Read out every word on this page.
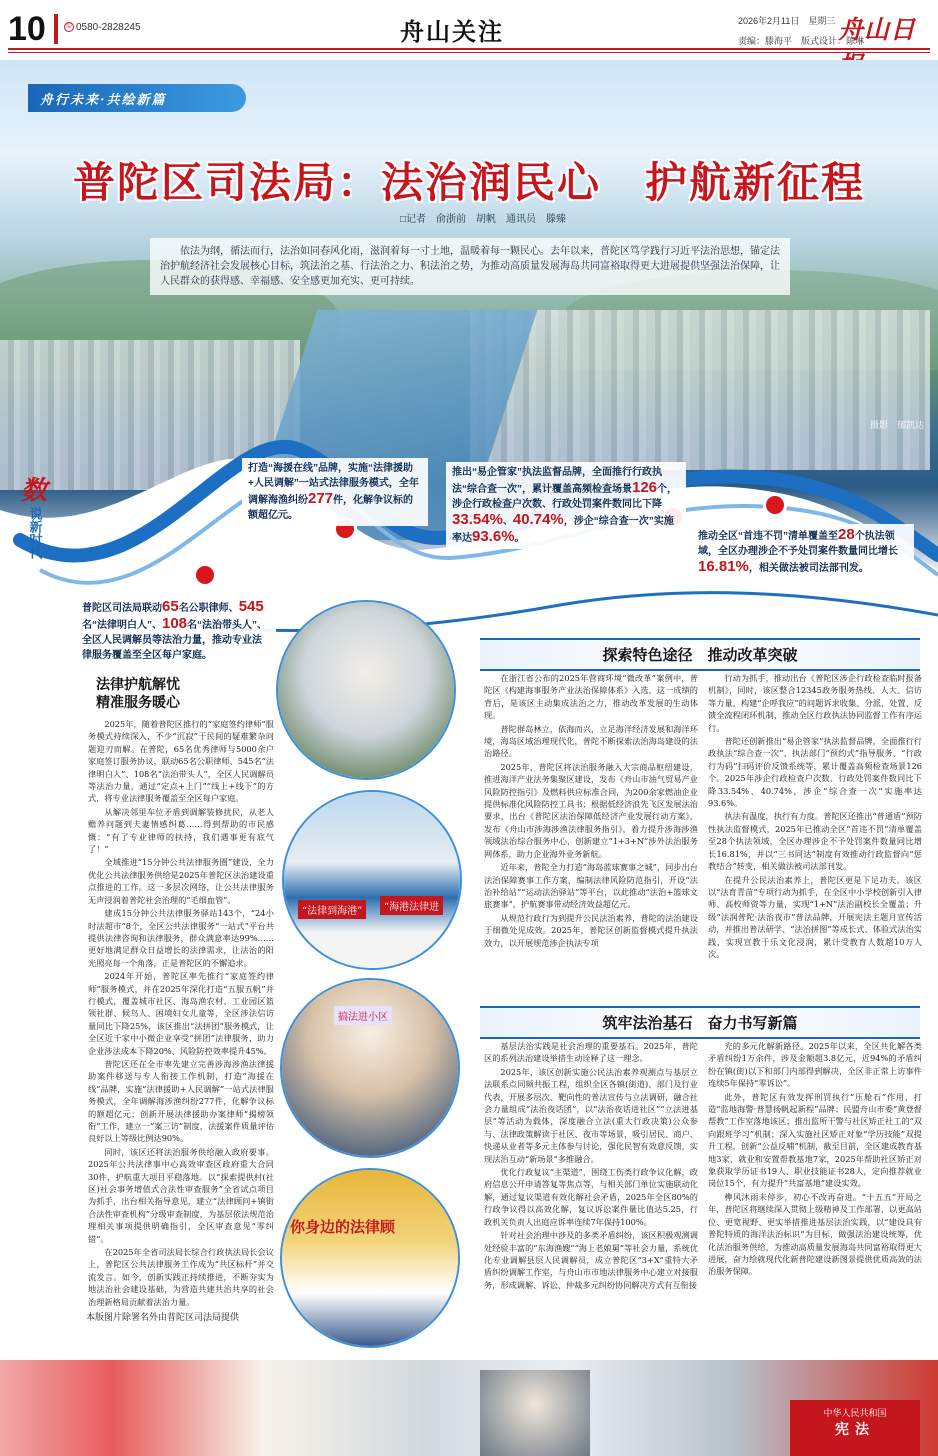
10	© 0580-2828245	舟山关注	2026年2月11日　星期三
责编：滕海平　版式设计：陈琳
舟山日
舟行未来·共绘新篇
普陀区司法局：法治润民心　护航新征程
□记者　俞浙前　胡帆　通讯员　滕臻
依法为纲，循法而行，法治如同春风化雨，滋润着每一寸土地，温暖着每一颗民心。去年以来，普陀区笃学践行习近平法治思想，锚定法治护航经济社会发展核心目标，筑法治之基、行法治之力、积法治之势，为推动高质量发展海岛共同富裕取得更大进展提供坚强法治保障，让人民群众的获得感、幸福感、安全感更加充实、更可持续。
摄影　郁凯达
数
说新时代
普陀区司法局联动65名公职律师、545名“法律明白人”、108名“法治带头人”、全区人民调解员等法治力量，推动专业法律服务覆盖至全区每户家庭。
打造“海援在线”品牌，实施“法律援助+人民调解”一站式法律服务模式，全年调解海渔纠纷277件，化解争议标的额超亿元。
推出“易企管家”执法监督品牌，全面推行行政执法“综合查一次”，累计覆盖高频检查场景126个，涉企行政检查户次数、行政处罚案件数同比下降33.54%、40.74%，涉企“综合查一次”实施率达93.6%。	推动全区“首违不罚”清单覆盖至28个执法领域，全区办理涉企不予处罚案件数量同比增长16.81%，相关做法被司法部刊发。
法律护航解忧
精准服务暖心

2025年，随着普陀区推行的“家庭签约律师”服务模式持续深入，不少“沉寂”于民间的疑难繁杂问题迎刃而解。在普陀，65名优秀律师与5000余户家庭签订服务协议，联动65名公职律师、545名“法律明白人”、108名“法治带头人”，全区人民调解员等法治力量，通过“定点+上门”“线上+线下”的方式，将专业法律服务覆盖至全区每户家庭。

从解决邻里车位矛盾到调解装修扰民，从老人赡养问题到夫妻情感纠葛……得到帮助的市民感慨：“有了专业律师的扶持，我们遇事更有底气了！”

全域推进“15分钟公共法律服务圈”建设，全力优化公共法律服务供给是2025年普陀区法治建设重点推进的工作。这一多层次网络，让公共法律服务无声浸润着普陀社会治理的“毛细血管”。

建成15分钟公共法律服务驿站143个，“24小时法超市”8个，全区公共法律服务“一站式”平台共提供法律咨询和法律服务，群众满意率达99%……更好地满足群众日益增长的法律需求，让法治的阳光照亮每一个角落，正是普陀区的不懈追求。

2024年开始，普陀区率先推行“家庭签约律师”服务模式，并在2025年深化打造“五服五帆”并行模式，覆盖城市社区、海岛渔农村、工业园区篮领社群、候鸟人、困境妇女儿童等，全区涉法信访量同比下降25%，该区推出“法拼团”服务模式，让全区近千家中小微企业享受“拼团”法律服务，助力企业涉法成本下降20%、风险防控效率提升45%。

普陀区还在全市率先建立完善涉海涉渔法律援助案件移送与专人衔接工作机制，打造“海援在线”品牌，实施“法律援助+人民调解”一站式法律服务模式，全年调解海涉渔纠纷277件，化解争议标的额超亿元；创新开展法律援助办案律师“揭榜领衔”工作，建立一“案三访”制度，法援案件质量评估良好以上等级比例达90%。

同时，该区还将法治服务供给融入政府要事。2025年公共法律事中心高效审查区政府重大合同30件，护航重大项目平稳落地。以“探索提供村(社区)社会事务增值式合法性审查服务”全省试点项目为抓手，出台相关指导意见，建立“法律顾问+镇街合法性审查机构”分级审查制度，为基层依法规范治理相关事项提供明确指引，全区审查意见“零纠错”。

在2025年全省司法局长综合行政执法局长会议上，普陀区公共法律服务工作成为“共区标杆”并交流发言。如今，创新实践正持续推进，不断夯实为地法治社会建设基础，为营造共建共治共享的社会治理新格局贡献着法治力量。

本版图片除署名外由普陀区司法局提供
“法律到海港”	“海港法律进
搞法进小区
你身边的法律顾
探索特色途径　推动改革突破

在浙江省公布的2025年营商环境“微改革”案例中，普陀区《构建海事服务产业法治保障体系》入选，这一成绩的背后，是该区主动集成法治之力，推动改革发展的生动体现。

普陀群岛林立，依海而兴，立足海洋经济发展和海洋环境，海岛区域治理现代化，普陀不断探索法治海岛建设的法治路径。

2025年，普陀区将法治服务融入大宗商品枢纽建设，推进海洋产业法务集聚区建设，发布《舟山市油气贸易产业风险防控指引》及燃料供应标准合同，为200余家燃油企业提供标准化风险防控工具书；根据低经济浪先飞区发展法治要求，出台《普陀区法治保障低经济产业发展行动方案》，发布《舟山市涉海涉渔法律服务指引》，着力提升涉海涉渔领域法治综合服务中心，创新建立“1+3+N”涉外法治服务网体系，助力企业海外业务新航。

近年来，普陀全力打造“海岛蓝球赛事之城”，同步出台法治保障赛事工作方案，编制法律风险防范指引，开设“法治补给站”“运动法治驿站”等平台，以此推动“法治+篮球文旅赛事”，护航赛事带动经济效益超亿元。

从规范行政行为到提升公民法治素养，普陀的法治建设于细微处见成效。2025年，普陀区创新监督模式提升执法效力，以开展规范涉企执法专项

行动为抓手，推动出台《普陀区涉企行政检查临时报备机制》，同时，该区整合12345政务服务热线、人大、信访等力量，构建“企呼我应”的问题诉求收集、分派、处置、反馈全流程闭环机制，推动全区行政执法协同监督工作有序运行。

普陀还创新推出“易企管家”执法监督品牌，全面推行行政执法“综合查一次”、执法部门“预约式”指导服务、“行政行为码”扫码评价反馈系统等，累计覆盖高频检查场景126个。2025年涉企行政检查户次数、行政处罚案件数同比下降33.54%、40.74%，涉企“综合查一次”实施率达93.6%。

执法有温度，执行有力度。普陀区还推出“普通盾”预防性执法监督模式，2025年已推动全区“首违不罚”清单覆盖至28个执法领域，全区办理涉企不予处罚案件数量同比增长16.81%，并以“三书同达”制度有效推动行政监督向“惩教结合”转变，相关做法被司法部刊发。

在提升公民法治素养上，普陀区更是下足功夫。该区以“法育青苗”专项行动为抓手，在全区中小学校创新引入律师、高校师资等力量，实现“1+N”法治副校长全覆盖；升级“法润普陀·法治夜市”普法品牌，开展宪法主题月宣传活动，并推出普法研学、“法治拼图”等成长式、体验式法治实践，实现宣教于乐文化浸润，累计受教育人数超10万人次。

筑牢法治基石　奋力书写新篇

基层法治实践是社会治理的重要基石。2025年，普陀区的系列法治建设举措生动诠释了这一理念。

2025年，该区创新实施公民法治素养观测点与基层立法联系点同频共振工程，组织全区各镇(街道)、部门及行业代表，开展多层次、靶向性的普法宣传与立法调研，融合社会力量组成“法治夜话团”，以“法治夜话进社区”“立法进基层”等活动为载体，深度融合立法(重大行政决策)公众参与、法律政策解读于社区、夜市等场景，吸引居民、商户、快递从业者等多元主体参与讨论，强化民智有效意反馈，实现法治互动“新场景”多维融合。

优化行政复议“主渠道”，围绕工伤类行政争议化解，政府信息公开申请答复等焦点等，与相关部门单位实施联动化解，通过复议渠道有效化解社会矛盾，2025年全区80%的行政争议得以高效化解，复议诉讼案件量比值达5.25，行政机关负责人出庭应诉率连续7年保持100%。

针对社会治理中涉及的多类矛盾纠纷，该区积极观测调处经验丰富的“东海渔嫂”“海上老娘舅”等社会力量，系统优化专业调解县层人民调解员，成立普陀区“3+X”重特大矛盾纠纷调解工作室，与舟山市市地法律服务中心建立对接服务，形成调解、诉讼、仲裁多元纠纷协同解决方式有互衔接

充的多元化解新路径。2025年以来，全区共化解各类矛盾纠纷1万余件，涉及金额超3.8亿元，近94%的矛盾纠纷在镇(街)以下和部门内部得到解决，全区非正常上访事件连续5年保持“零诉讼”。

此外，普陀区有效发挥刑罚执行“压舱石”作用，打造“监地海警·普慧扬帆起新程”品牌；民盟舟山市委“黄登督帮教”工作室落地该区；推出监所干警与社区矫正社工的“双向跟班学习”机制；深入实施社区矫正对象“学历技能”双提升工程，创新“公益反哺”机制，截至目前，全区建成教育基地3家，就业和安置帮教基地7家，2025年帮助社区矫正对象获取学历证书19人、职业技能证书28人，定向推荐就业岗位15个，有力提升“共富基地”建设实效。

榫风沐雨未停步，初心不改再奋进。“十五五”开局之年，普陀区将继续深入贯彻上级精神及工作部署，以更高站位、更宽视野、更实举措推进基层法治实践，以“建设具有普陀特质的海洋法治标识”为目标，做强法治建设统筹，优化法治服务供给，为推动高质量发展海岛共同富裕取得更大进展，奋力绘就现代化新普陀建设新图景提供优质高效的法治服务保障。

中华人民共和国
宪法
